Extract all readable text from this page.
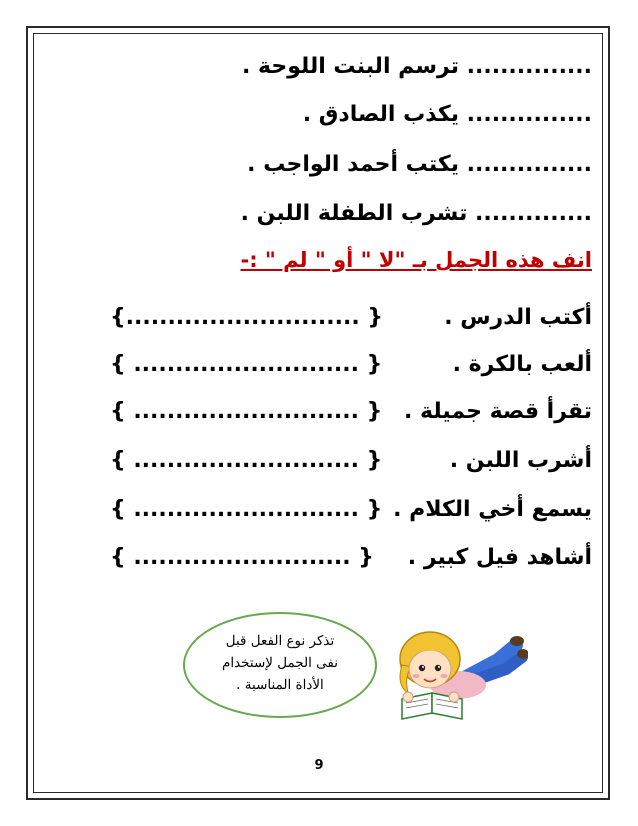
............... ترسم البنت اللوحة .
............... يكذب الصادق .
............... يكتب أحمد الواجب .
.............. تشرب الطفلة اللبن .
انف هذه الجمل بـ "لا " أو " لم " :-
أكتب الدرس .
{............................ }
ألعب بالكرة .
{ ........................... }
تقرأ قصة جميلة .
{ ........................... }
أشرب اللبن .
{ ........................... }
يسمع أخي الكلام .
{ ........................... }
أشاهد فيل كبير .
{ .......................... }
تذكر نوع الفعل قبل
نفى الجمل لإستخدام
الأداة المناسبة .
9
